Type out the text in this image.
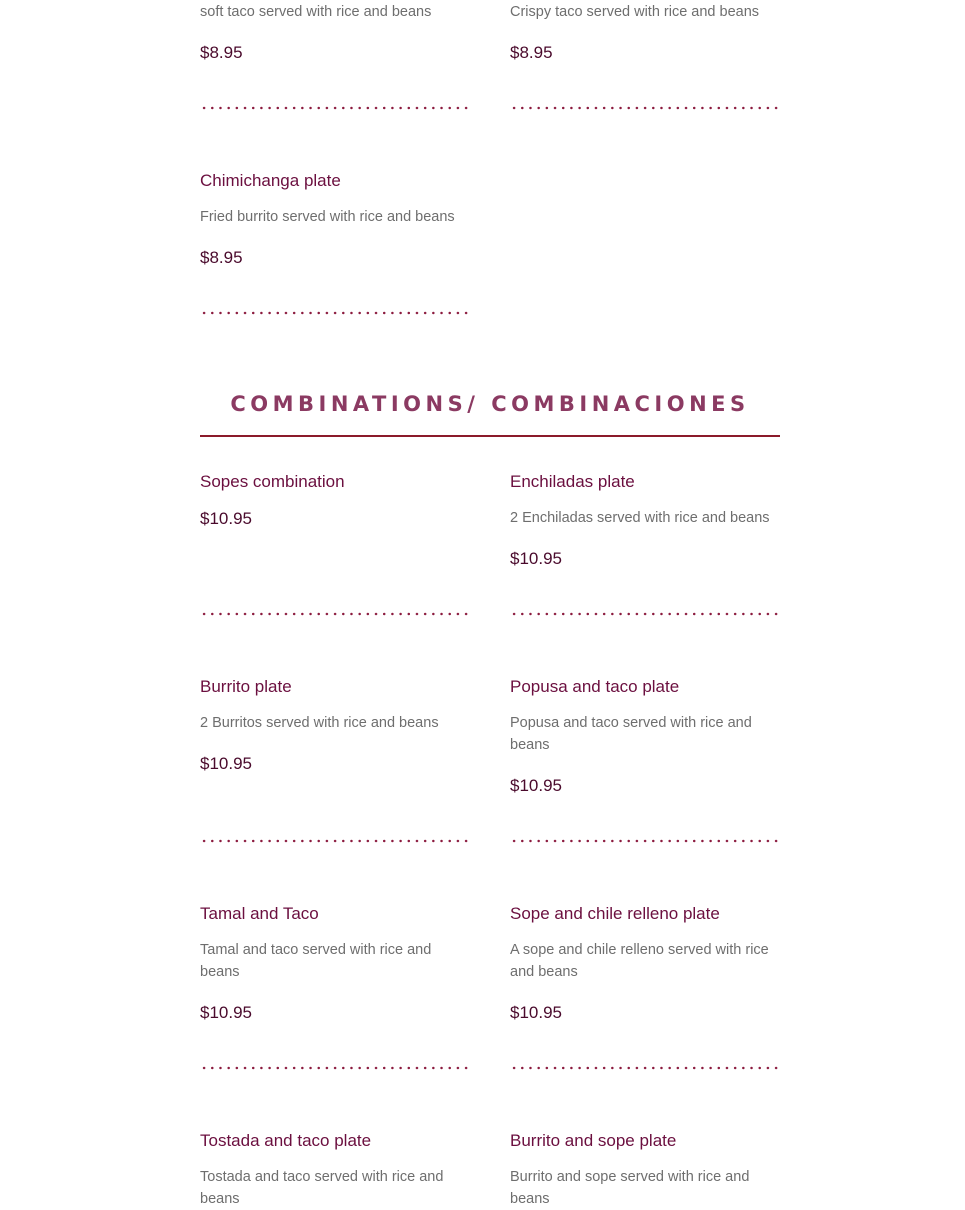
soft taco served with rice and beans

$8.95

Crispy taco served with rice and beans

$8.95

Chimichanga plate

Fried burrito served with rice and beans

$8.95

COMBINATIONS/ COMBINACIONES

Sopes combination

$10.95

Enchiladas plate

2 Enchiladas served with rice and beans

$10.95

Burrito plate

2 Burritos served with rice and beans

$10.95

Popusa and taco plate

Popusa and taco served with rice and beans

$10.95

Tamal and Taco

Tamal and taco served with rice and beans

$10.95

Sope and chile relleno plate

A sope and chile relleno served with rice and beans

$10.95

Tostada and taco plate

Tostada and taco served with rice and beans

Burrito and sope plate

Burrito and sope served with rice and beans
